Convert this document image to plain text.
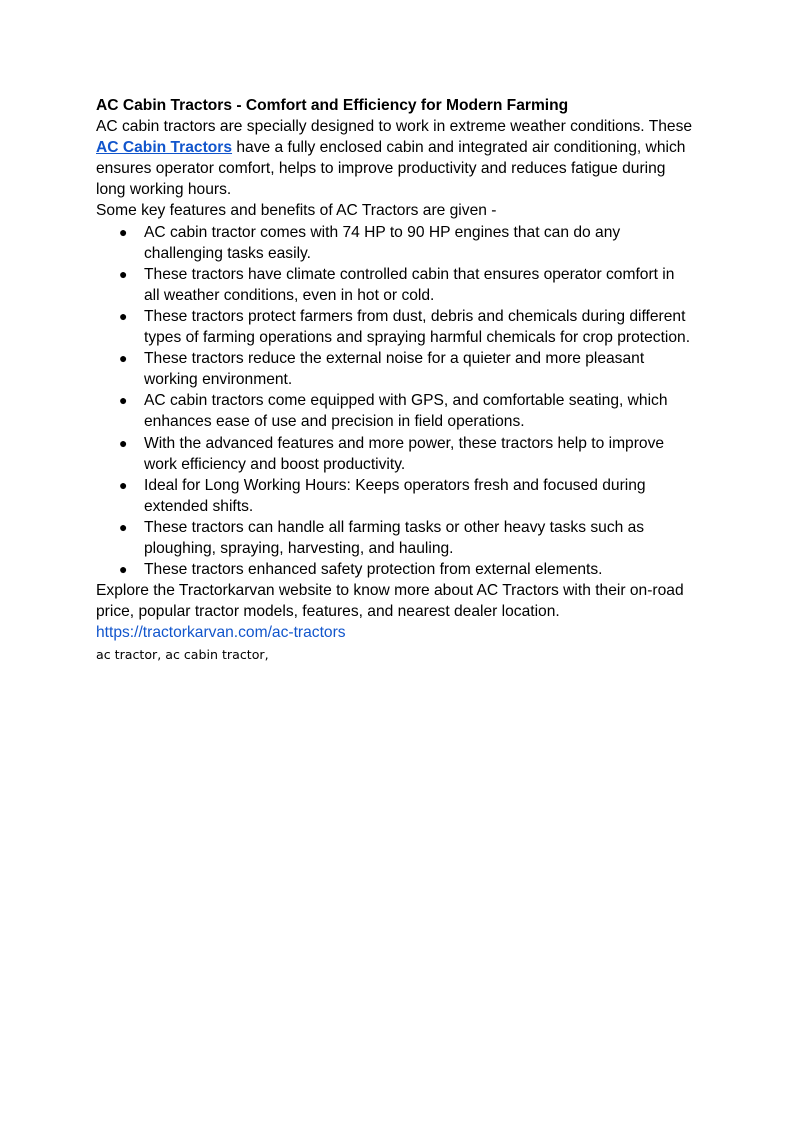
AC Cabin Tractors - Comfort and Efficiency for Modern Farming

AC cabin tractors are specially designed to work in extreme weather conditions. These AC Cabin Tractors have a fully enclosed cabin and integrated air conditioning, which ensures operator comfort, helps to improve productivity and reduces fatigue during long working hours.

Some key features and benefits of AC Tractors are given -

● AC cabin tractor comes with 74 HP to 90 HP engines that can do any challenging tasks easily.
● These tractors have climate controlled cabin that ensures operator comfort in all weather conditions, even in hot or cold.
● These tractors protect farmers from dust, debris and chemicals during different types of farming operations and spraying harmful chemicals for crop protection.
● These tractors reduce the external noise for a quieter and more pleasant working environment.
● AC cabin tractors come equipped with GPS, and comfortable seating, which enhances ease of use and precision in field operations.
● With the advanced features and more power, these tractors help to improve work efficiency and boost productivity.
● Ideal for Long Working Hours: Keeps operators fresh and focused during extended shifts.
● These tractors can handle all farming tasks or other heavy tasks such as ploughing, spraying, harvesting, and hauling.
● These tractors enhanced safety protection from external elements.

Explore the Tractorkarvan website to know more about AC Tractors with their on-road price, popular tractor models, features, and nearest dealer location.

https://tractorkarvan.com/ac-tractors

ac tractor, ac cabin tractor,
